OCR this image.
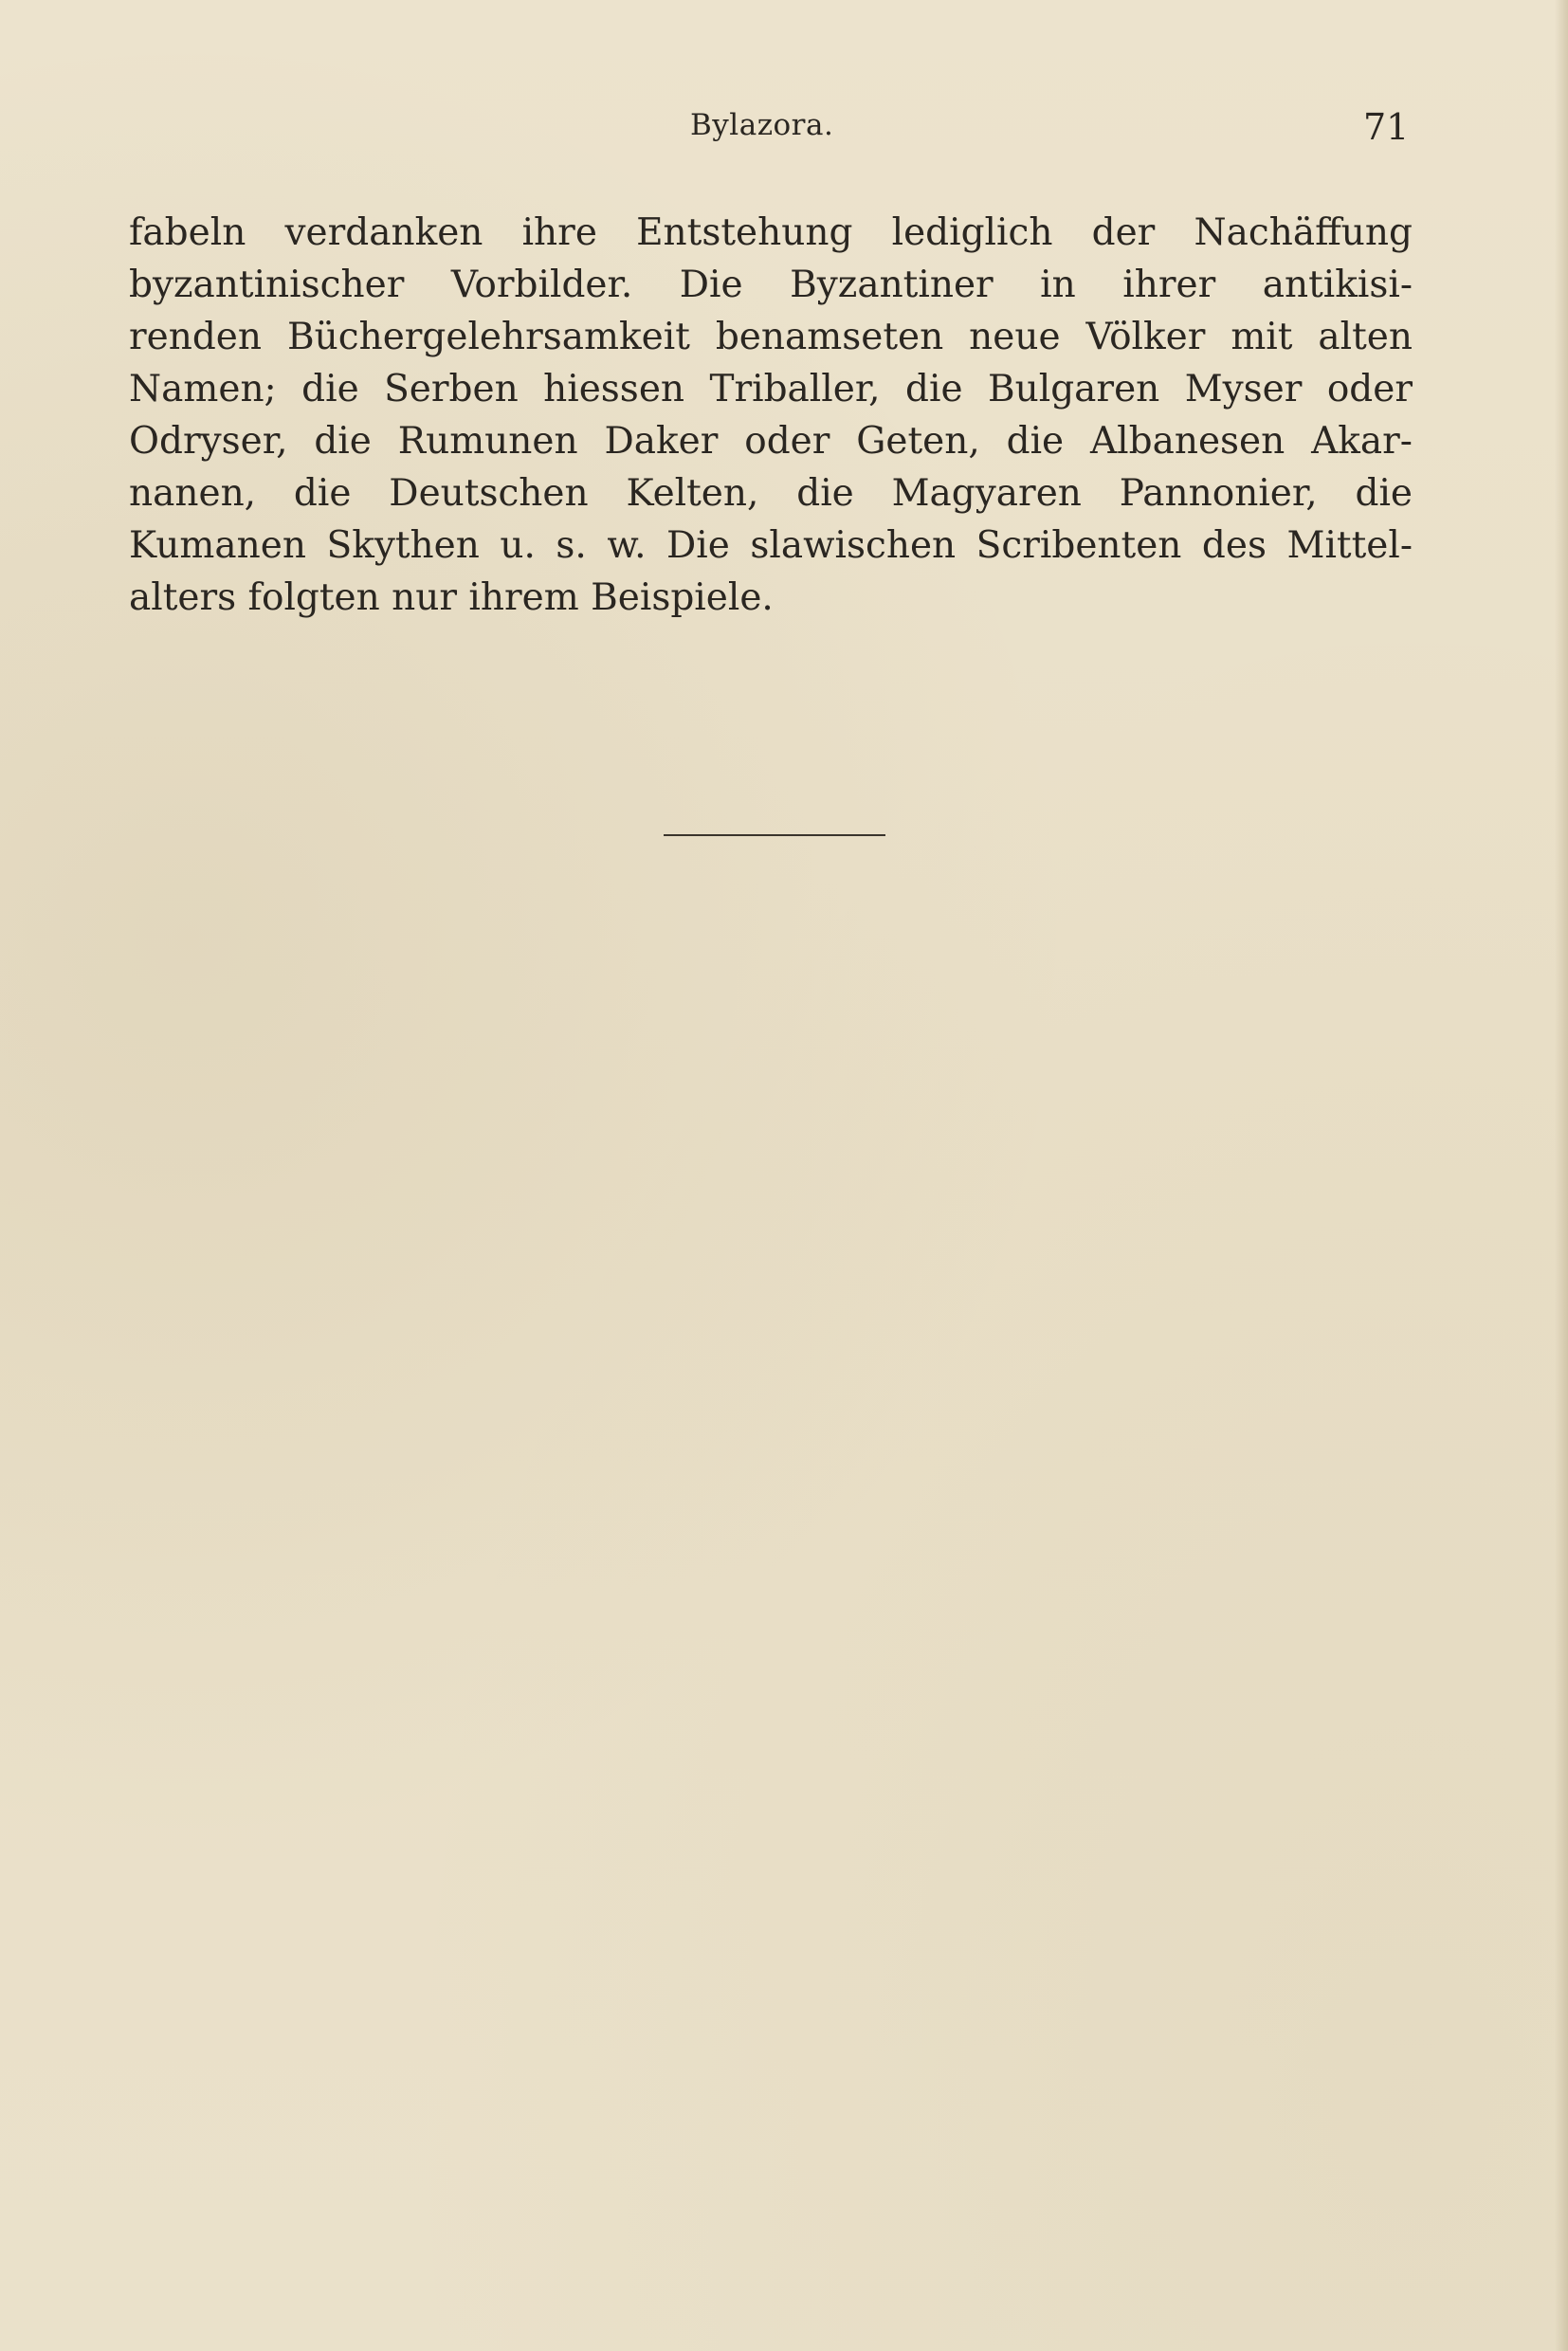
Bylazora.	71
fabeln verdanken ihre Entstehung lediglich der Nachäffung
byzantinischer Vorbilder. Die Byzantiner in ihrer antikisi-
renden Büchergelehrsamkeit benamseten neue Völker mit alten
Namen; die Serben hiessen Triballer, die Bulgaren Myser oder
Odryser, die Rumunen Daker oder Geten, die Albanesen Akar-
nanen, die Deutschen Kelten, die Magyaren Pannonier, die
Kumanen Skythen u. s. w. Die slawischen Scribenten des Mittel-
alters folgten nur ihrem Beispiele.
